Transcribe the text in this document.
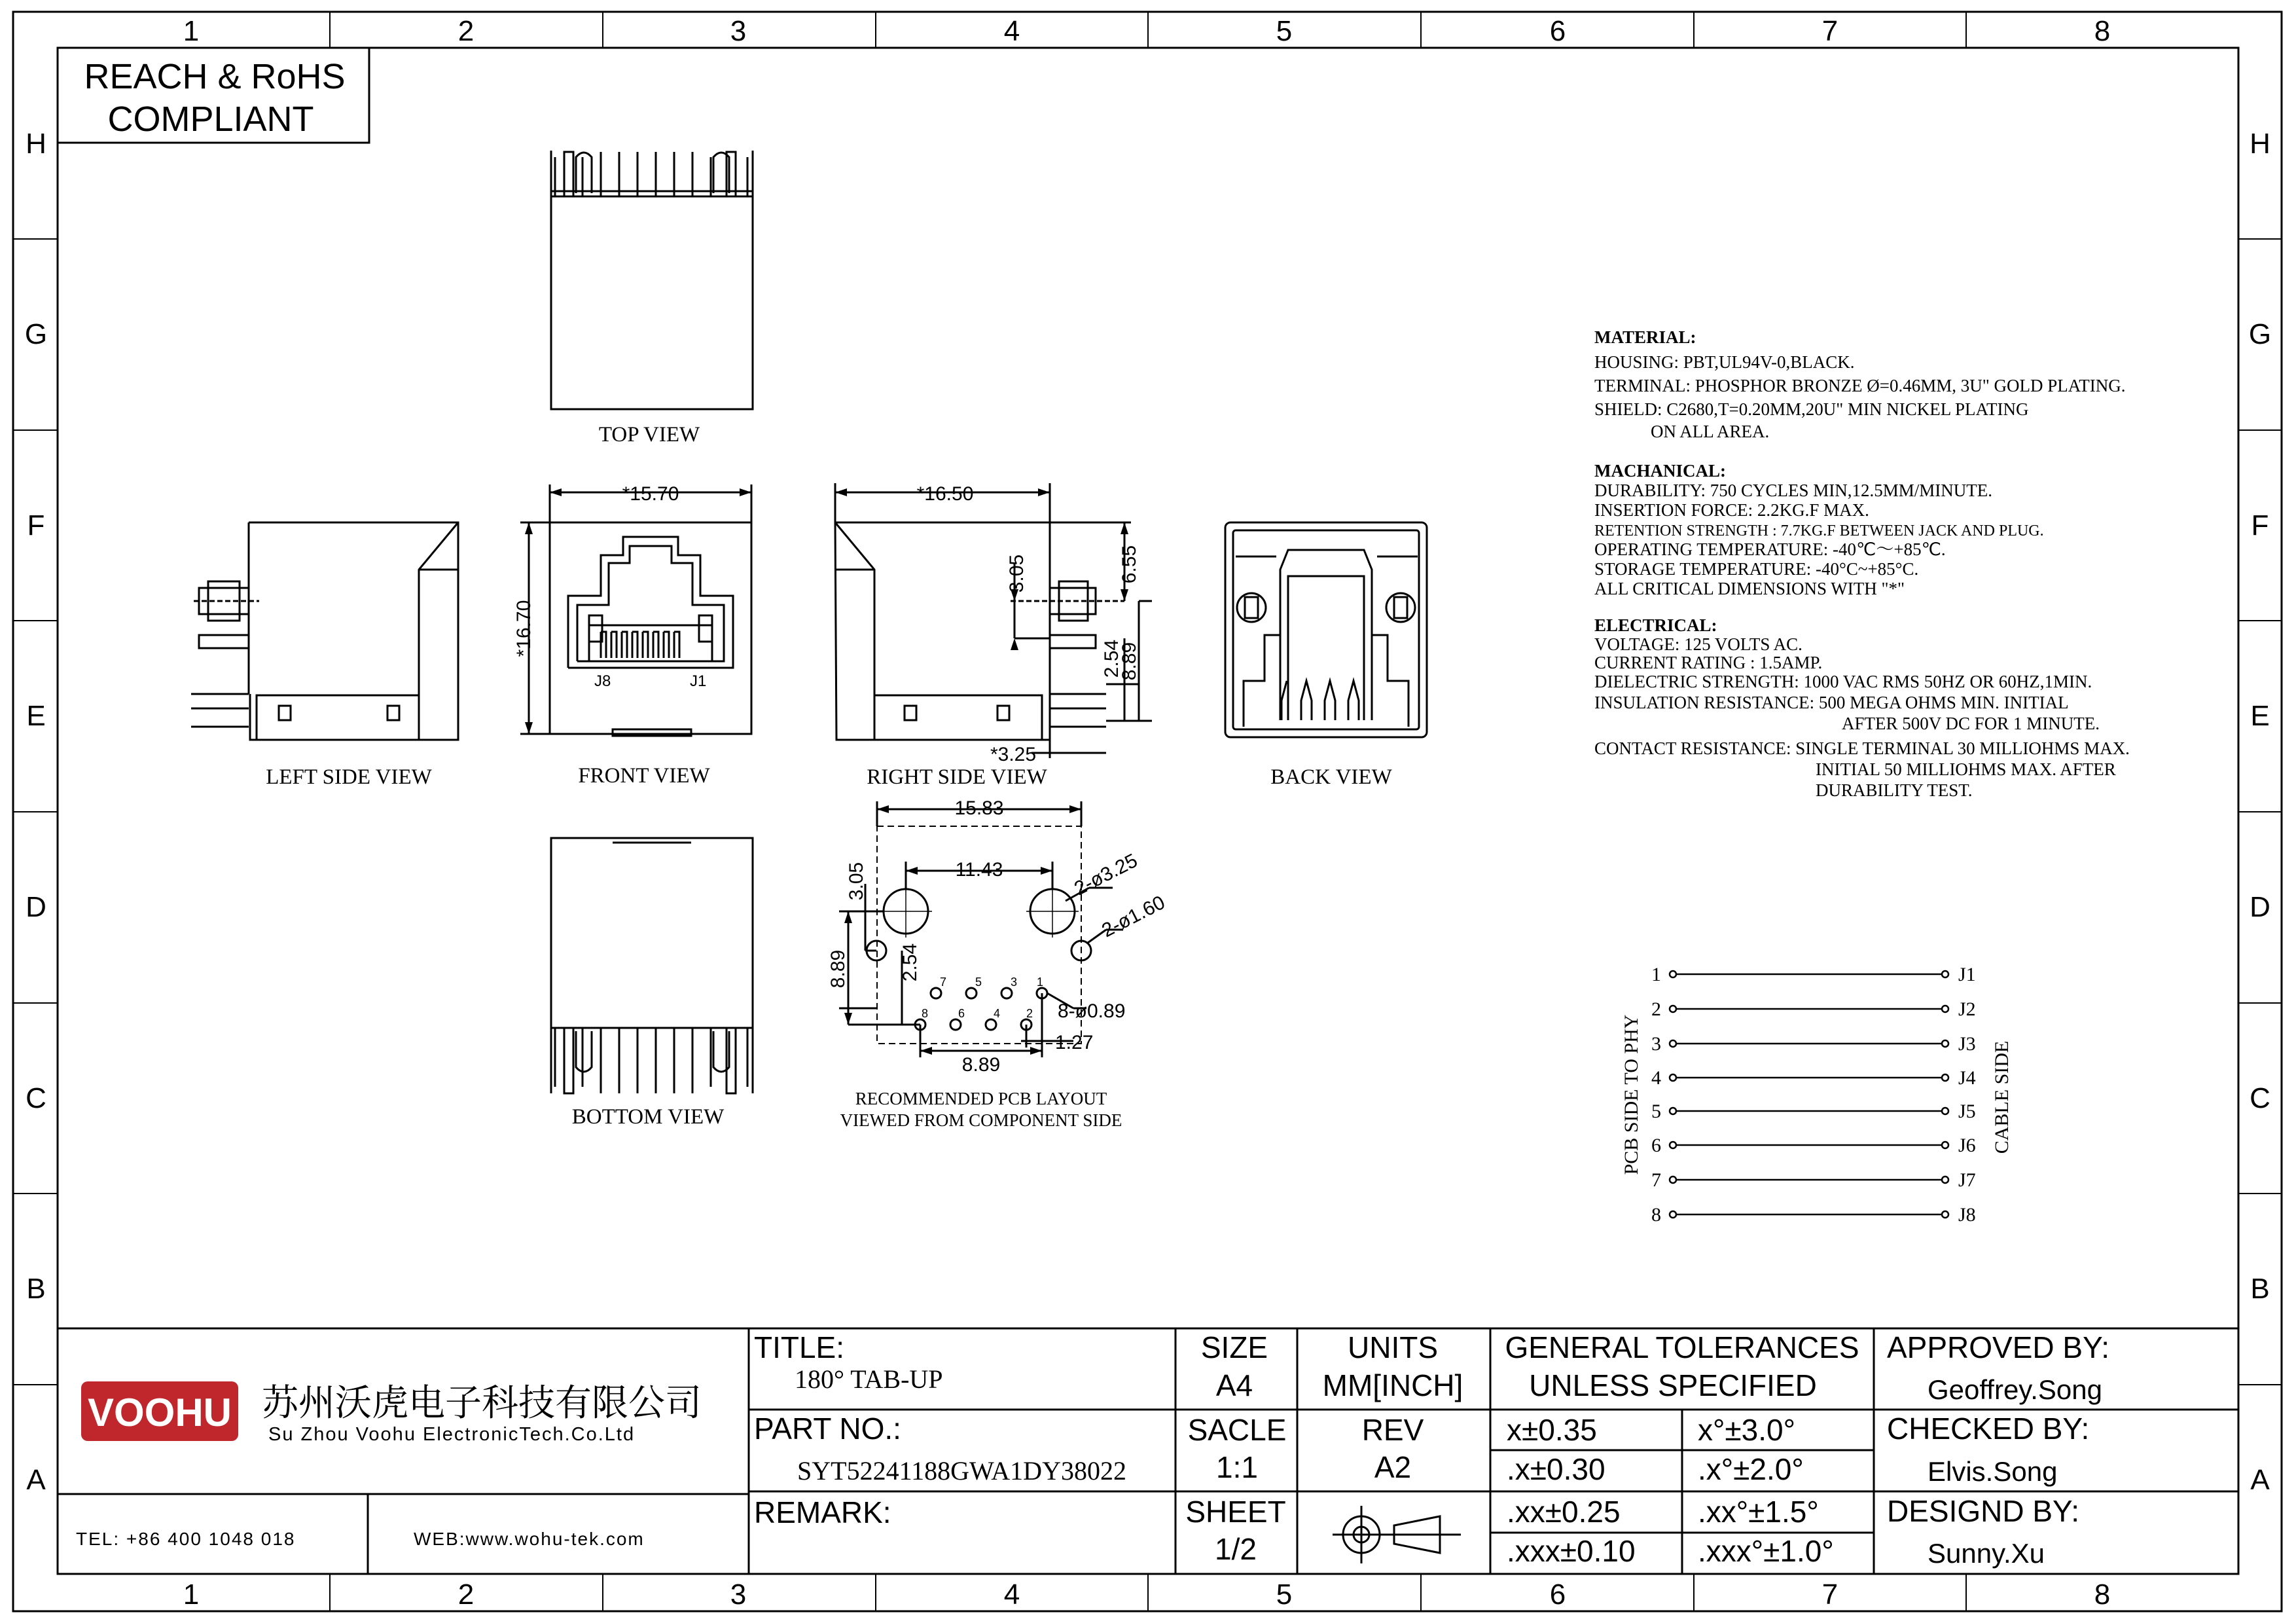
1	2	3	4	5	6	7	8
1	2	3	4	5	6	7	8
H
G
F
E
D
C
B
A
H
G
F
E
D
C
B
A
REACH & RoHS
COMPLIANT
TOP VIEW
LEFT SIDE VIEW
*15.70
*16.70
J8	J1
FRONT VIEW
*16.50
3.05	6.55
2.54
8.89
*3.25
RIGHT SIDE VIEW	BACK VIEW
BOTTOM VIEW
15.83
11.43
3.05
8.89	2.54
2-ø3.25
2-ø1.60
8-ø0.89
1.27
8.89
7 5 3 1
8	6 4 2
RECOMMENDED PCB LAYOUT
VIEWED FROM COMPONENT SIDE
MATERIAL:
HOUSING: PBT,UL94V-0,BLACK.
TERMINAL: PHOSPHOR BRONZE Ø=0.46MM, 3U" GOLD PLATING.
SHIELD: C2680,T=0.20MM,20U" MIN NICKEL PLATING
ON ALL AREA.
MACHANICAL:
DURABILITY: 750 CYCLES MIN,12.5MM/MINUTE.
INSERTION FORCE: 2.2KG.F MAX.
RETENTION STRENGTH : 7.7KG.F BETWEEN JACK AND PLUG.
OPERATING TEMPERATURE: -40℃～+85℃.
STORAGE TEMPERATURE: -40°C~+85°C.
ALL CRITICAL DIMENSIONS WITH "*"
ELECTRICAL:
VOLTAGE: 125 VOLTS AC.
CURRENT RATING : 1.5AMP.
DIELECTRIC STRENGTH: 1000 VAC RMS 50HZ OR 60HZ,1MIN.
INSULATION RESISTANCE: 500 MEGA OHMS MIN. INITIAL
AFTER 500V DC FOR 1 MINUTE.
CONTACT RESISTANCE: SINGLE TERMINAL 30 MILLIOHMS MAX.
INITIAL 50 MILLIOHMS MAX. AFTER
DURABILITY TEST.
1
2
3
4
5
6
7
8
J1
J2
J3
J4
J5
J6
J7
J8
PCB SIDE TO PHY	CABLE SIDE
VOOHU 苏州沃虎电子科技有限公司
Su Zhou Voohu ElectronicTech.Co.Ltd
TEL: +86 400 1048 018	WEB:www.wohu-tek.com
TITLE:
180° TAB-UP
PART NO.:
SYT52241188GWA1DY38022
REMARK:
SIZE
A4
UNITS
MM[INCH]
SACLE
1:1
REV
A2
SHEET
1/2
GENERAL TOLERANCES
UNLESS SPECIFIED
x±0.35	x°±3.0°
.x±0.30	.x°±2.0°
.xx±0.25	.xx°±1.5°
.xxx±0.10 .xxx°±1.0°
APPROVED BY:
Geoffrey.Song
CHECKED BY:
Elvis.Song
DESIGND BY:
Sunny.Xu
